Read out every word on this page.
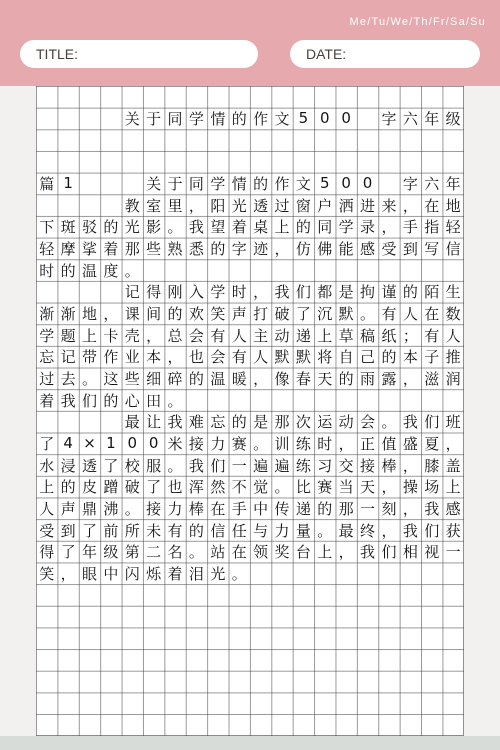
Me/Tu/We/Th/Fr/Sa/Su
TITLE:	DATE:
关 于 同 学 情 的 作 文 5 0 0	字 六 年 级
篇 1	关 于 同 学 情 的 作 文 5 0 0	字 六 年
教 室 里 ， 阳 光 透 过 窗 户 洒 进 来 ， 在 地
下 斑 驳 的 光 影 。 我 望 着 桌 上 的 同 学 录 ， 手 指 轻
轻 摩 挲 着 那 些 熟 悉 的 字 迹 ， 仿 佛 能 感 受 到 写 信
时 的 温 度 。
记 得 刚 入 学 时 ， 我 们 都 是 拘 谨 的 陌 生
渐 渐 地 ， 课 间 的 欢 笑 声 打 破 了 沉 默 。 有 人 在 数
学 题 上 卡 壳 ， 总 会 有 人 主 动 递 上 草 稿 纸 ； 有 人
忘 记 带 作 业 本 ， 也 会 有 人 默 默 将 自 己 的 本 子 推
过 去 。 这 些 细 碎 的 温 暖 ， 像 春 天 的 雨 露 ， 滋 润
着 我 们 的 心 田 。
最 让 我 难 忘 的 是 那 次 运 动 会 。 我 们 班
了 4 × 1 0 0 米 接 力 赛 。 训 练 时 ， 正 值 盛 夏 ，
水 浸 透 了 校 服 。 我 们 一 遍 遍 练 习 交 接 棒 ， 膝 盖
上 的 皮 蹭 破 了 也 浑 然 不 觉 。 比 赛 当 天 ， 操 场 上
人 声 鼎 沸 。 接 力 棒 在 手 中 传 递 的 那 一 刻 ， 我 感
受 到 了 前 所 未 有 的 信 任 与 力 量 。 最 终 ， 我 们 获
得 了 年 级 第 二 名 。 站 在 领 奖 台 上 ， 我 们 相 视 一
笑 ， 眼 中 闪 烁 着 泪 光 。
